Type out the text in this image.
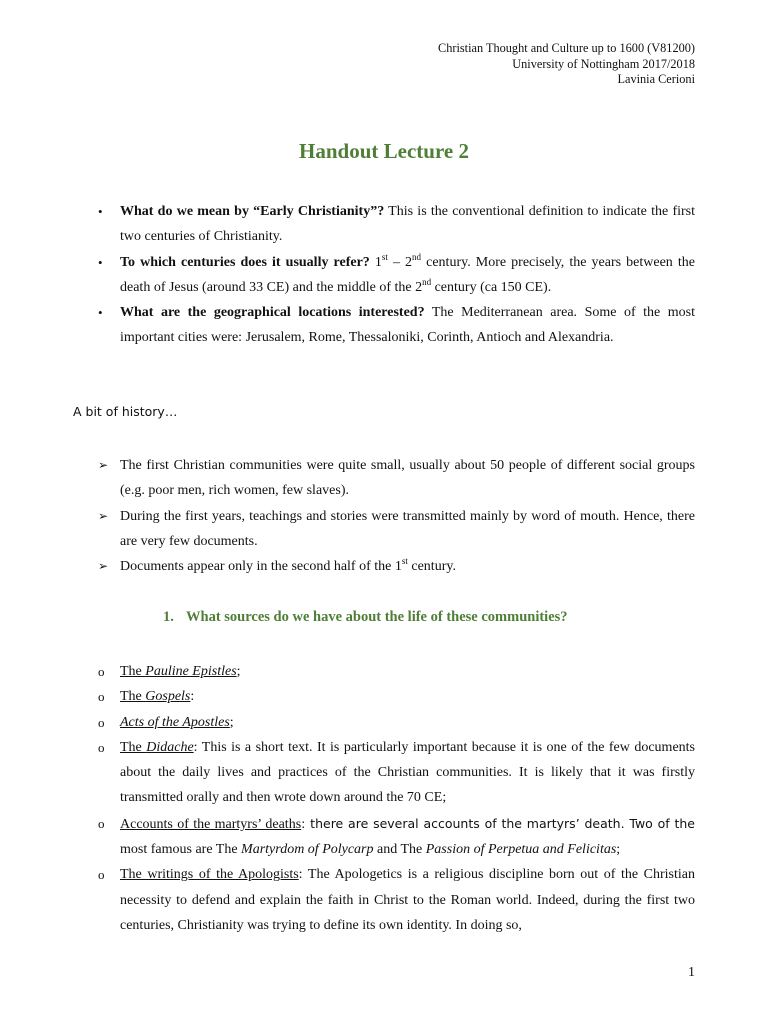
Christian Thought and Culture up to 1600 (V81200)
University of Nottingham 2017/2018
Lavinia Cerioni
Handout Lecture 2
• What do we mean by “Early Christianity”? This is the conventional definition to indicate the first two centuries of Christianity.
• To which centuries does it usually refer? 1st – 2nd century. More precisely, the years between the death of Jesus (around 33 CE) and the middle of the 2nd century (ca 150 CE).
• What are the geographical locations interested? The Mediterranean area. Some of the most important cities were: Jerusalem, Rome, Thessaloniki, Corinth, Antioch and Alexandria.
A bit of history…
➢ The first Christian communities were quite small, usually about 50 people of different social groups (e.g. poor men, rich women, few slaves).
➢ During the first years, teachings and stories were transmitted mainly by word of mouth. Hence, there are very few documents.
➢ Documents appear only in the second half of the 1st century.
1. What sources do we have about the life of these communities?
o The Pauline Epistles;
o The Gospels:
o Acts of the Apostles;
o The Didache: This is a short text. It is particularly important because it is one of the few documents about the daily lives and practices of the Christian communities. It is likely that it was firstly transmitted orally and then wrote down around the 70 CE;
o Accounts of the martyrs’ deaths: there are several accounts of the martyrs’ death. Two of the most famous are The Martyrdom of Polycarp and The Passion of Perpetua and Felicitas;
o The writings of the Apologists: The Apologetics is a religious discipline born out of the Christian necessity to defend and explain the faith in Christ to the Roman world. Indeed, during the first two centuries, Christianity was trying to define its own identity. In doing so,
1
